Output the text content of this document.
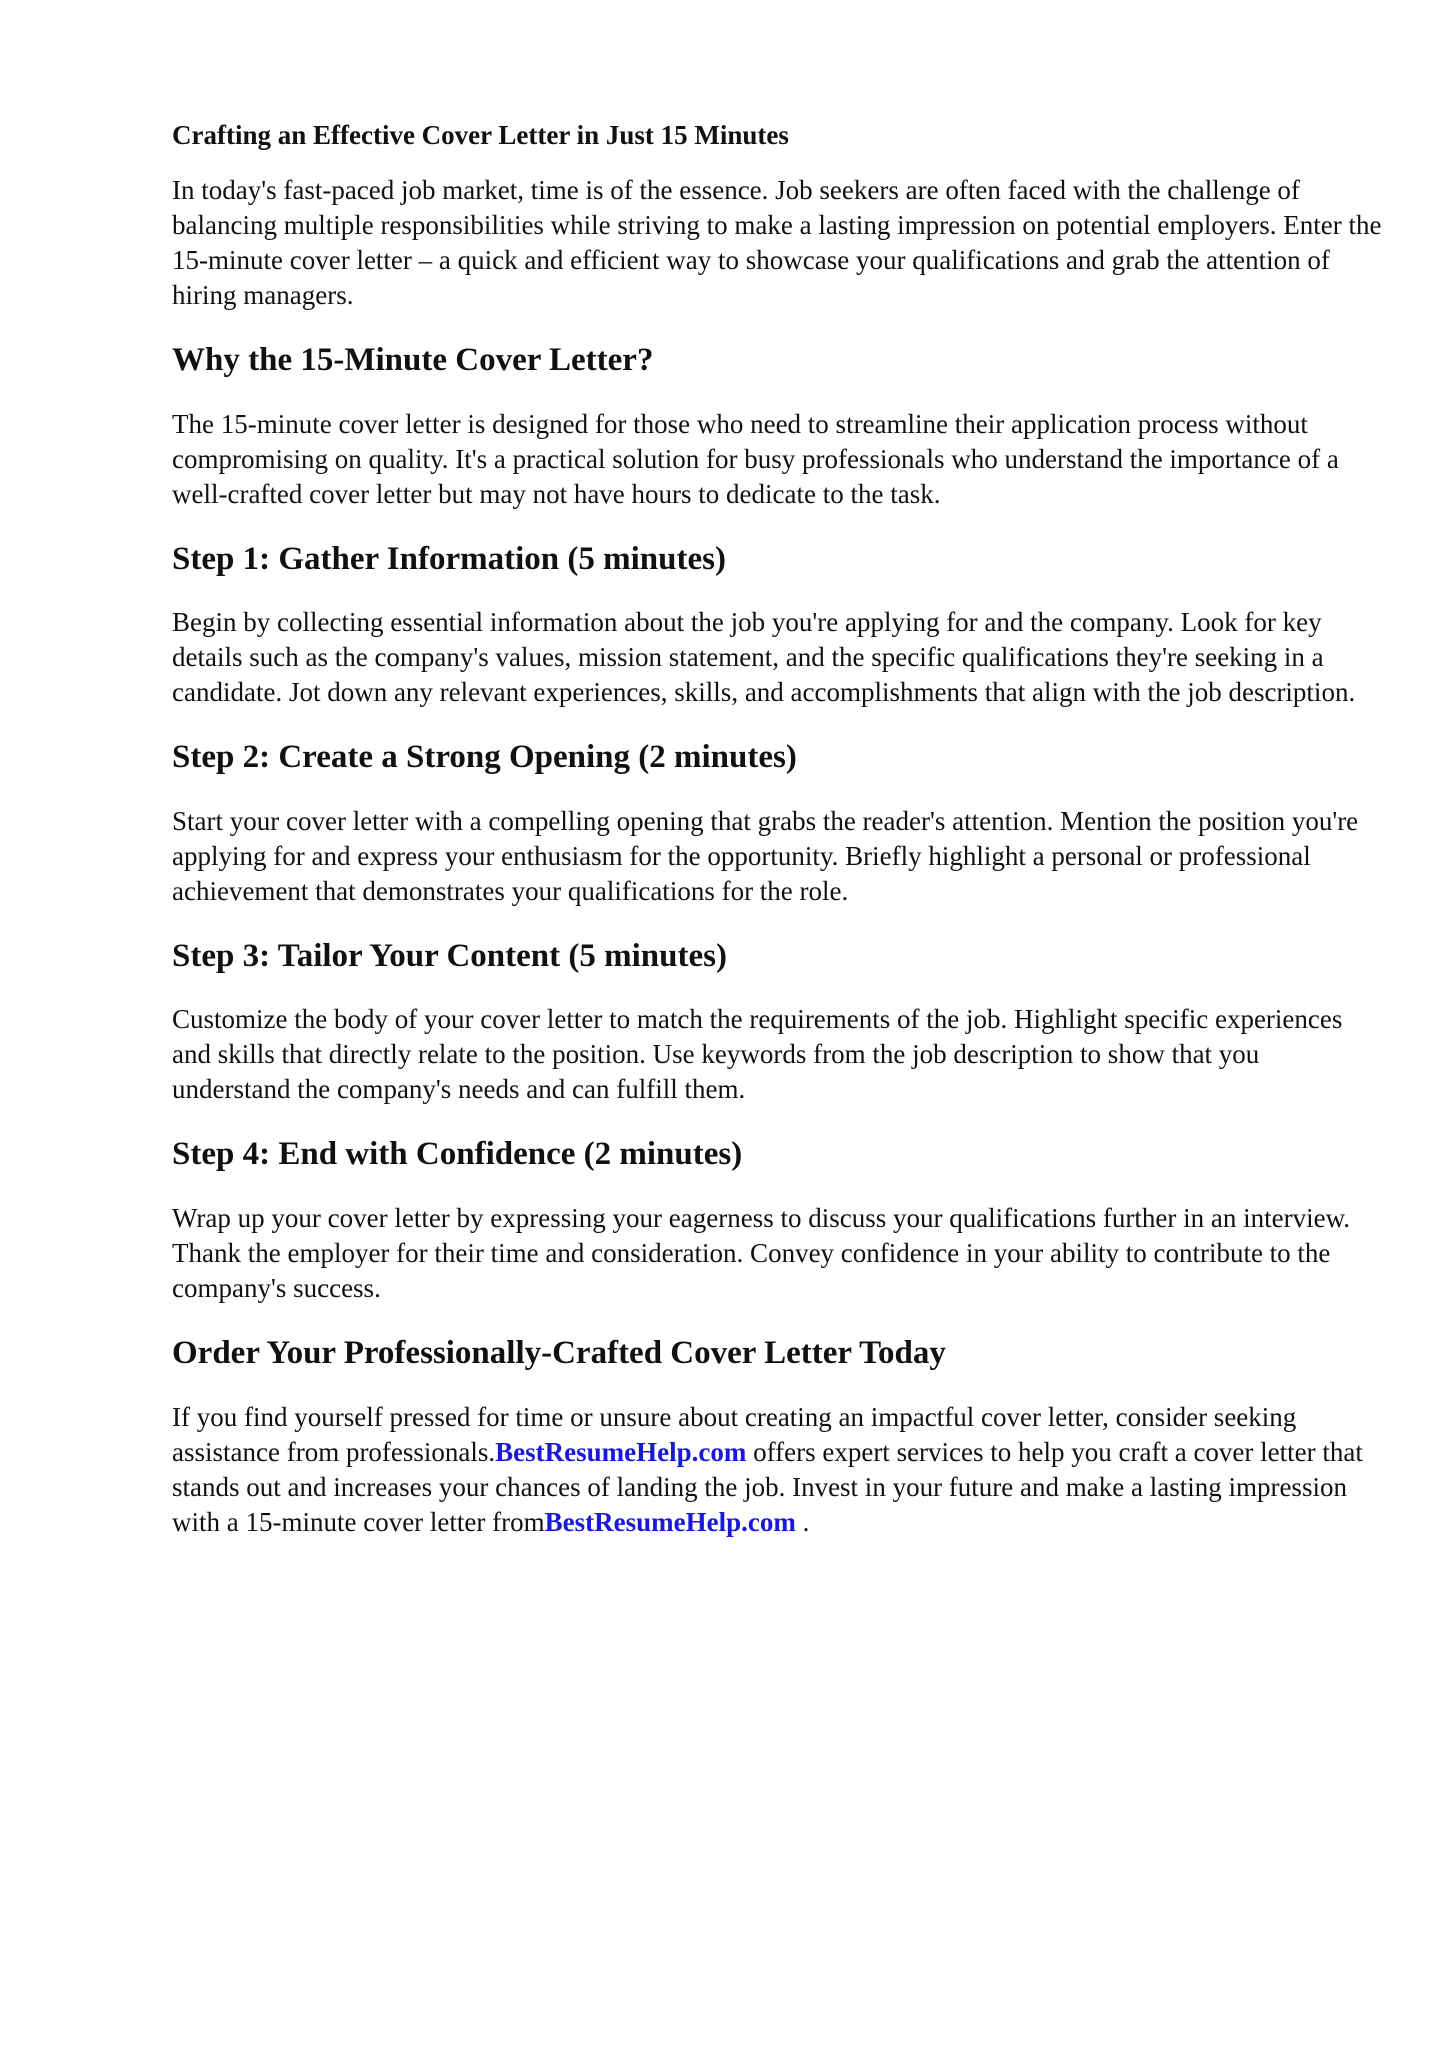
Crafting an Effective Cover Letter in Just 15 Minutes

In today's fast-paced job market, time is of the essence. Job seekers are often faced with the challenge of balancing multiple responsibilities while striving to make a lasting impression on potential employers. Enter the 15-minute cover letter – a quick and efficient way to showcase your qualifications and grab the attention of hiring managers.

Why the 15-Minute Cover Letter?

The 15-minute cover letter is designed for those who need to streamline their application process without compromising on quality. It's a practical solution for busy professionals who understand the importance of a well-crafted cover letter but may not have hours to dedicate to the task.

Step 1: Gather Information (5 minutes)

Begin by collecting essential information about the job you're applying for and the company. Look for key details such as the company's values, mission statement, and the specific qualifications they're seeking in a candidate. Jot down any relevant experiences, skills, and accomplishments that align with the job description.

Step 2: Create a Strong Opening (2 minutes)

Start your cover letter with a compelling opening that grabs the reader's attention. Mention the position you're applying for and express your enthusiasm for the opportunity. Briefly highlight a personal or professional achievement that demonstrates your qualifications for the role.

Step 3: Tailor Your Content (5 minutes)

Customize the body of your cover letter to match the requirements of the job. Highlight specific experiences and skills that directly relate to the position. Use keywords from the job description to show that you understand the company's needs and can fulfill them.

Step 4: End with Confidence (2 minutes)

Wrap up your cover letter by expressing your eagerness to discuss your qualifications further in an interview. Thank the employer for their time and consideration. Convey confidence in your ability to contribute to the company's success.

Order Your Professionally-Crafted Cover Letter Today

If you find yourself pressed for time or unsure about creating an impactful cover letter, consider seeking assistance from professionals.BestResumeHelp.com offers expert services to help you craft a cover letter that stands out and increases your chances of landing the job. Invest in your future and make a lasting impression with a 15-minute cover letter fromBestResumeHelp.com .
